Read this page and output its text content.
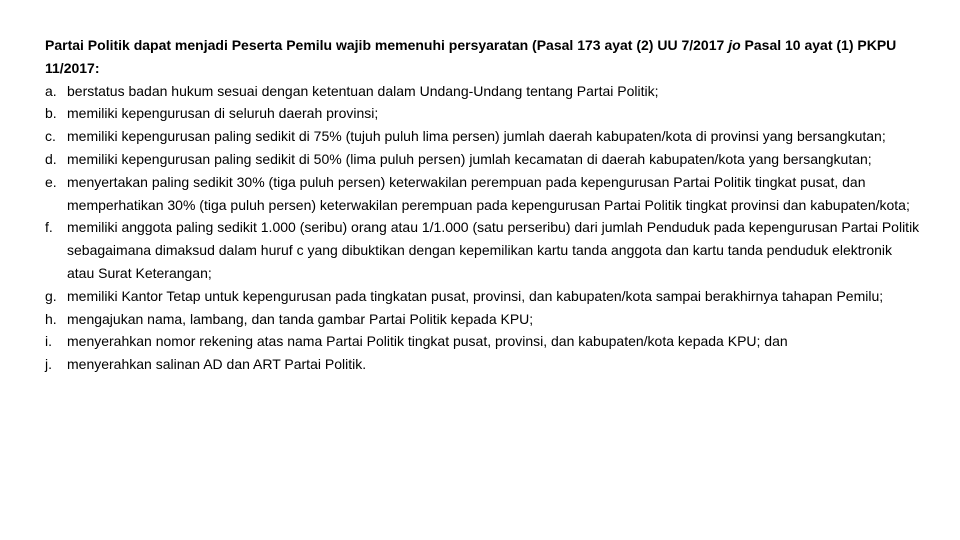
Partai Politik dapat menjadi Peserta Pemilu wajib memenuhi persyaratan (Pasal 173 ayat (2) UU 7/2017 jo Pasal 10 ayat (1) PKPU 11/2017:

a. berstatus badan hukum sesuai dengan ketentuan dalam Undang-Undang tentang Partai Politik;
b. memiliki kepengurusan di seluruh daerah provinsi;
c. memiliki kepengurusan paling sedikit di 75% (tujuh puluh lima persen) jumlah daerah kabupaten/kota di provinsi yang bersangkutan;
d. memiliki kepengurusan paling sedikit di 50% (lima puluh persen) jumlah kecamatan di daerah kabupaten/kota yang bersangkutan;
e. menyertakan paling sedikit 30% (tiga puluh persen) keterwakilan perempuan pada kepengurusan Partai Politik tingkat pusat, dan memperhatikan 30% (tiga puluh persen) keterwakilan perempuan pada kepengurusan Partai Politik tingkat provinsi dan kabupaten/kota;
f.	memiliki anggota paling sedikit 1.000 (seribu) orang atau 1/1.000 (satu perseribu) dari jumlah Penduduk pada kepengurusan Partai Politik sebagaimana dimaksud dalam huruf c yang dibuktikan dengan kepemilikan kartu tanda anggota dan kartu tanda penduduk elektronik atau Surat Keterangan;
g. memiliki Kantor Tetap untuk kepengurusan pada tingkatan pusat, provinsi, dan kabupaten/kota sampai berakhirnya tahapan Pemilu;
h. mengajukan nama, lambang, dan tanda gambar Partai Politik kepada KPU;
i.	menyerahkan nomor rekening atas nama Partai Politik tingkat pusat, provinsi, dan kabupaten/kota kepada KPU; dan
j.	menyerahkan salinan AD dan ART Partai Politik.
